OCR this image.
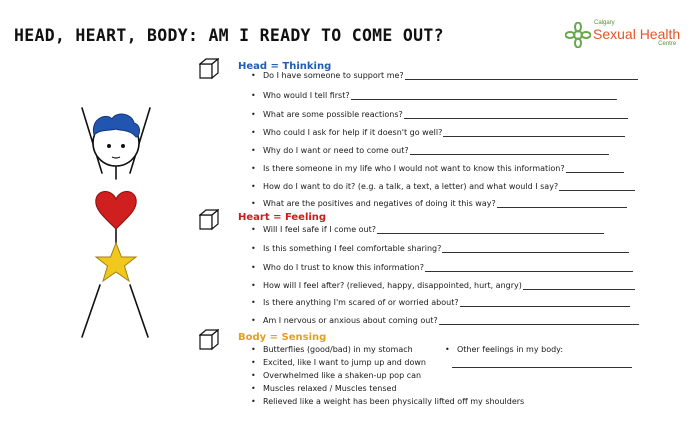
HEAD, HEART, BODY: AM I READY TO COME OUT?
Calgary
Sexual Health
Centre
Head = Thinking
• Do I have someone to support me?
• Who would I tell first?
• What are some possible reactions?
• Who could I ask for help if it doesn't go well?
• Why do I want or need to come out?
• Is there someone in my life who I would not want to know this information?
• How do I want to do it? (e.g. a talk, a text, a letter) and what would I say?
• What are the positives and negatives of doing it this way?
Heart = Feeling
• Will I feel safe if I come out?
• Is this something I feel comfortable sharing?
• Who do I trust to know this information?
• How will I feel after? (relieved, happy, disappointed, hurt, angry)
• Is there anything I'm scared of or worried about?
• Am I nervous or anxious about coming out?
Body = Sensing
• Butterflies (good/bad) in my stomach
• Excited, like I want to jump up and down
• Overwhelmed like a shaken-up pop can
• Muscles relaxed / Muscles tensed
• Relieved like a weight has been physically lifted off my shoulders
• Other feelings in my body:
